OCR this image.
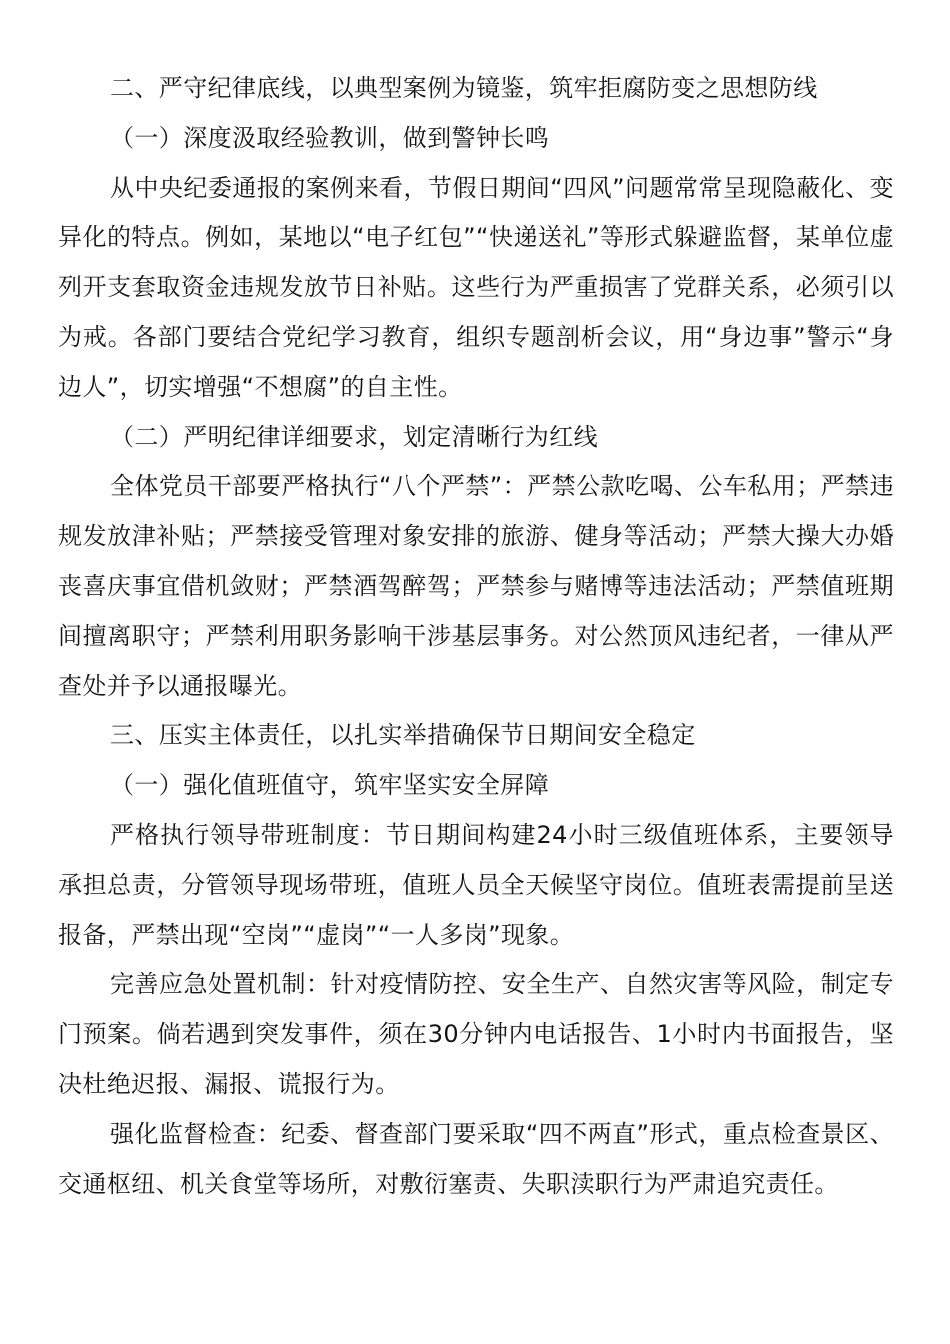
二、严守纪律底线，以典型案例为镜鉴，筑牢拒腐防变之思想防线

（一）深度汲取经验教训，做到警钟长鸣

从中央纪委通报的案例来看，节假日期间“四风”问题常常呈现隐蔽化、变异化的特点。例如，某地以“电子红包”“快递送礼”等形式躲避监督，某单位虚列开支套取资金违规发放节日补贴。这些行为严重损害了党群关系，必须引以为戒。各部门要结合党纪学习教育，组织专题剖析会议，用“身边事”警示“身边人”，切实增强“不想腐”的自主性。

（二）严明纪律详细要求，划定清晰行为红线

全体党员干部要严格执行“八个严禁”：严禁公款吃喝、公车私用；严禁违规发放津补贴；严禁接受管理对象安排的旅游、健身等活动；严禁大操大办婚丧喜庆事宜借机敛财；严禁酒驾醉驾；严禁参与赌博等违法活动；严禁值班期间擅离职守；严禁利用职务影响干涉基层事务。对公然顶风违纪者，一律从严查处并予以通报曝光。

三、压实主体责任，以扎实举措确保节日期间安全稳定

（一）强化值班值守，筑牢坚实安全屏障

严格执行领导带班制度：节日期间构建24小时三级值班体系，主要领导承担总责，分管领导现场带班，值班人员全天候坚守岗位。值班表需提前呈送报备，严禁出现“空岗”“虚岗”“一人多岗”现象。

完善应急处置机制：针对疫情防控、安全生产、自然灾害等风险，制定专门预案。倘若遇到突发事件，须在30分钟内电话报告、1小时内书面报告，坚决杜绝迟报、漏报、谎报行为。

强化监督检查：纪委、督查部门要采取“四不两直”形式，重点检查景区、交通枢纽、机关食堂等场所，对敷衍塞责、失职渎职行为严肃追究责任。
